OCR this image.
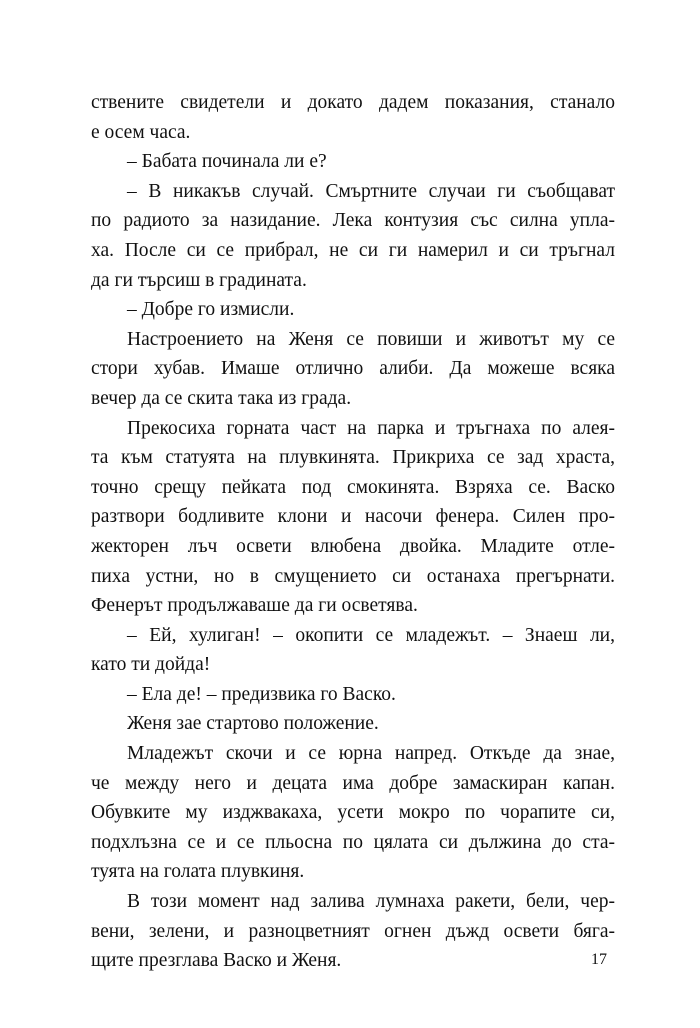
ствените свидетели и докато дадем показания, станало
е осем часа.
– Бабата починала ли е?
– В никакъв случай. Смъртните случаи ги съобщават
по радиото за назидание. Лека контузия със силна упла-
ха. После си се прибрал, не си ги намерил и си тръгнал
да ги търсиш в градината.
– Добре го измисли.
Настроението на Женя се повиши и животът му се
стори хубав. Имаше отлично алиби. Да можеше всяка
вечер да се скита така из града.
Прекосиха горната част на парка и тръгнаха по алея-
та към статуята на плувкинята. Прикриха се зад храста,
точно срещу пейката под смокинята. Взряха се. Васко
разтвори бодливите клони и насочи фенера. Силен про-
жекторен лъч освети влюбена двойка. Младите отле-
пиха устни, но в смущението си останаха прегърнати.
Фенерът продължаваше да ги осветява.
– Ей, хулиган! – окопити се младежът. – Знаеш ли,
като ти дойда!
– Ела де! – предизвика го Васко.
Женя зае стартово положение.
Младежът скочи и се юрна напред. Откъде да знае,
че между него и децата има добре замаскиран капан.
Обувките му изджвакаха, усети мокро по чорапите си,
подхлъзна се и се пльосна по цялата си дължина до ста-
туята на голата плувкиня.
В този момент над залива лумнаха ракети, бели, чер-
вени, зелени, и разноцветният огнен дъжд освети бяга-
щите презглава Васко и Женя.	17
